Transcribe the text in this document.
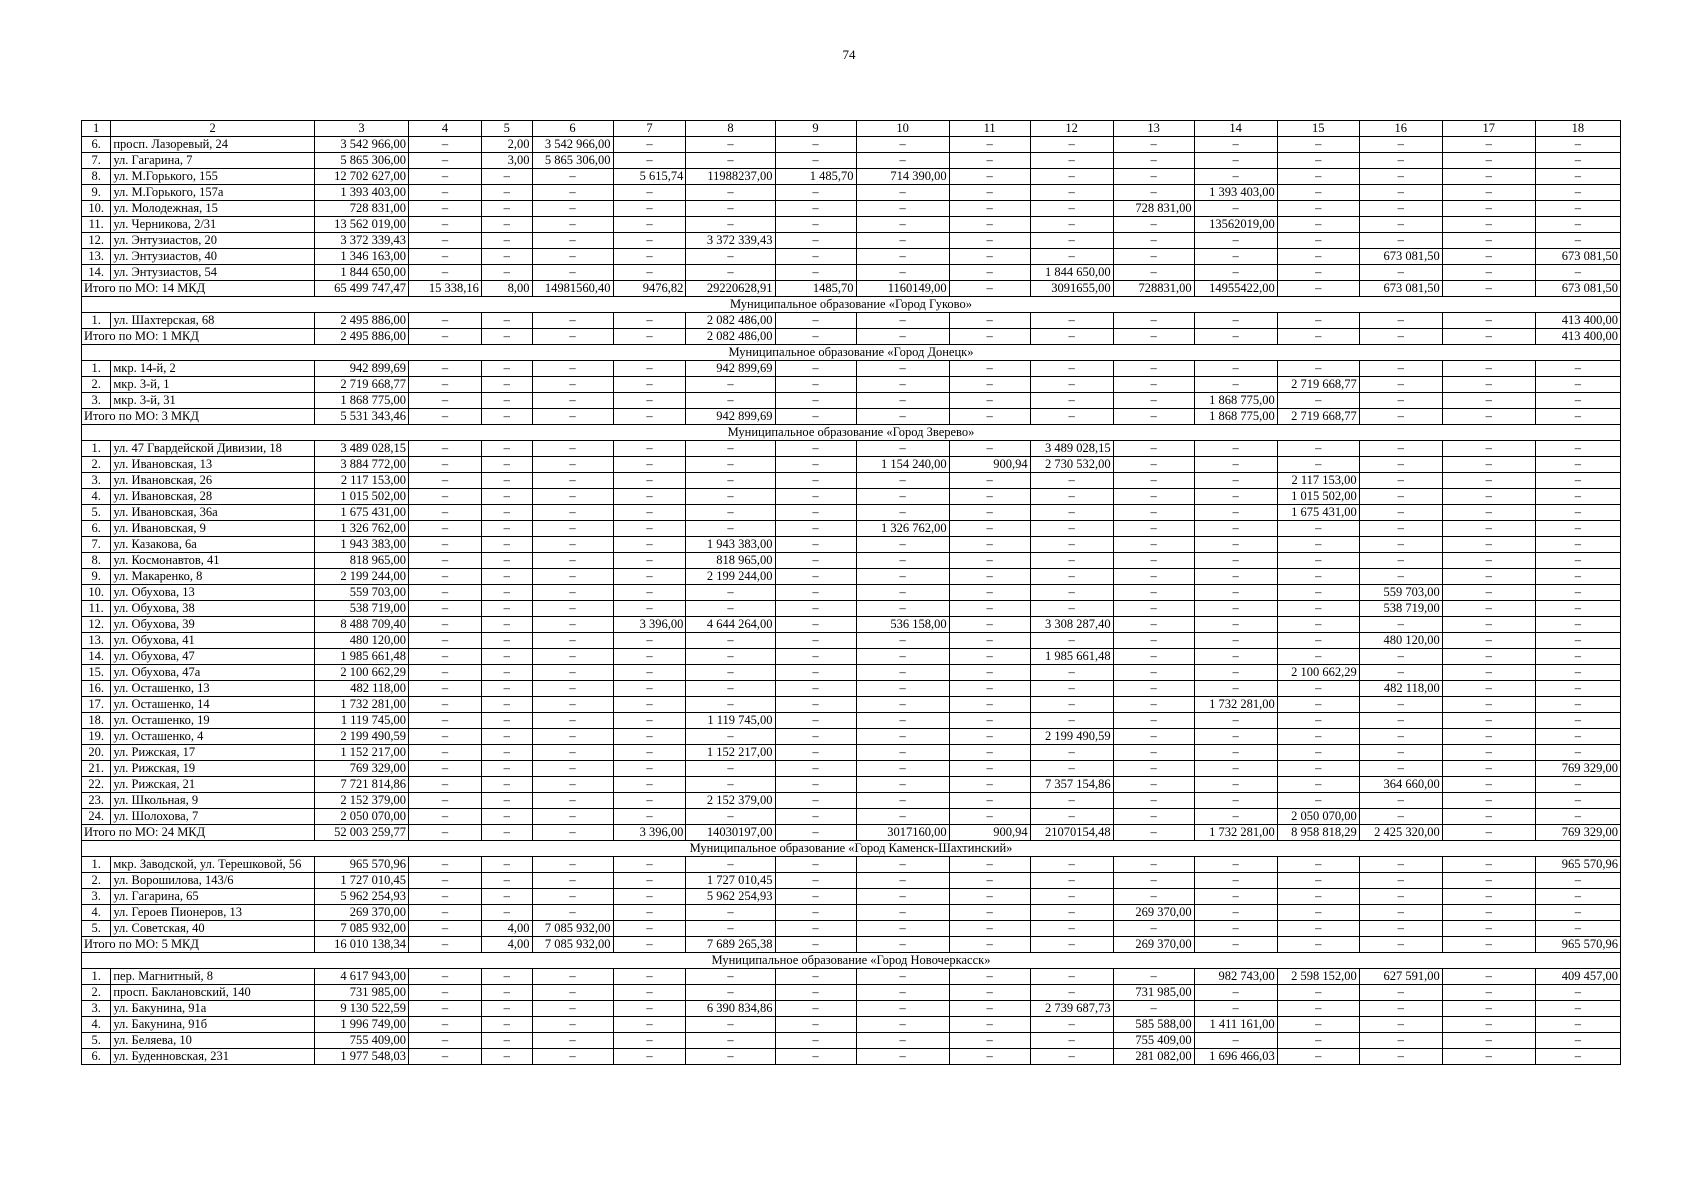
74
1	2	3	4	5	6	7	8	9	10	11	12	13	14	15	16	17	18
6.	просп. Лазоревый, 24	3 542 966,00	–	2,00	3 542 966,00	–	–	–	–	–	–	–	–	–	–	–	–
7.	ул. Гагарина, 7	5 865 306,00	–	3,00	5 865 306,00	–	–	–	–	–	–	–	–	–	–	–	–
8.	ул. М.Горького, 155	12 702 627,00	–	–	–	5 615,74	11988237,00	1 485,70	714 390,00	–	–	–	–	–	–	–	–
9.	ул. М.Горького, 157а	1 393 403,00	–	–	–	–	–	–	–	–	–	–	1 393 403,00	–	–	–	–
10.	ул. Молодежная, 15	728 831,00	–	–	–	–	–	–	–	–	–	728 831,00	–	–	–	–	–
11.	ул. Черникова, 2/31	13 562 019,00	–	–	–	–	–	–	–	–	–	–	13562019,00	–	–	–	–
12.	ул. Энтузиастов, 20	3 372 339,43	–	–	–	–	3 372 339,43	–	–	–	–	–	–	–	–	–	–
13.	ул. Энтузиастов, 40	1 346 163,00	–	–	–	–	–	–	–	–	–	–	–	–	673 081,50	–	673 081,50
14.	ул. Энтузиастов, 54	1 844 650,00	–	–	–	–	–	–	–	–	1 844 650,00	–	–	–	–	–	–
Итого по МО: 14 МКД		65 499 747,47	15 338,16	8,00	14981560,40	9476,82	29220628,91	1485,70	1160149,00	–	3091655,00	728831,00	14955422,00	–	673 081,50	–	673 081,50
Муниципальное образование «Город Гуково»																	
1.	ул. Шахтерская, 68	2 495 886,00	–	–	–	–	2 082 486,00	–	–	–	–	–	–	–	–	–	413 400,00
Итого по МО: 1 МКД		2 495 886,00	–	–	–	–	2 082 486,00	–	–	–	–	–	–	–	–	–	413 400,00
Муниципальное образование «Город Донецк»																	
1.	мкр. 14-й, 2	942 899,69	–	–	–	–	942 899,69	–	–	–	–	–	–	–	–	–	–
2.	мкр. 3-й, 1	2 719 668,77	–	–	–	–	–	–	–	–	–	–	–	2 719 668,77	–	–	–
3.	мкр. 3-й, 31	1 868 775,00	–	–	–	–	–	–	–	–	–	–	1 868 775,00	–	–	–	–
Итого по МО: 3 МКД		5 531 343,46	–	–	–	–	942 899,69	–	–	–	–	–	1 868 775,00	2 719 668,77	–	–	–
Муниципальное образование «Город Зверево»																	
1.	ул. 47 Гвардейской Дивизии, 18	3 489 028,15	–	–	–	–	–	–	–	–	3 489 028,15	–	–	–	–	–	–
2.	ул. Ивановская, 13	3 884 772,00	–	–	–	–	–	–	1 154 240,00	900,94	2 730 532,00	–	–	–	–	–	–
3.	ул. Ивановская, 26	2 117 153,00	–	–	–	–	–	–	–	–	–	–	–	2 117 153,00	–	–	–
4.	ул. Ивановская, 28	1 015 502,00	–	–	–	–	–	–	–	–	–	–	–	1 015 502,00	–	–	–
5.	ул. Ивановская, 36а	1 675 431,00	–	–	–	–	–	–	–	–	–	–	–	1 675 431,00	–	–	–
6.	ул. Ивановская, 9	1 326 762,00	–	–	–	–	–	–	1 326 762,00	–	–	–	–	–	–	–	–
7.	ул. Казакова, 6а	1 943 383,00	–	–	–	–	1 943 383,00	–	–	–	–	–	–	–	–	–	–
8.	ул. Космонавтов, 41	818 965,00	–	–	–	–	818 965,00	–	–	–	–	–	–	–	–	–	–
9.	ул. Макаренко, 8	2 199 244,00	–	–	–	–	2 199 244,00	–	–	–	–	–	–	–	–	–	–
10.	ул. Обухова, 13	559 703,00	–	–	–	–	–	–	–	–	–	–	–	–	559 703,00	–	–
11.	ул. Обухова, 38	538 719,00	–	–	–	–	–	–	–	–	–	–	–	–	538 719,00	–	–
12.	ул. Обухова, 39	8 488 709,40	–	–	–	3 396,00	4 644 264,00	–	536 158,00	–	3 308 287,40	–	–	–	–	–	–
13.	ул. Обухова, 41	480 120,00	–	–	–	–	–	–	–	–	–	–	–	–	480 120,00	–	–
14.	ул. Обухова, 47	1 985 661,48	–	–	–	–	–	–	–	–	1 985 661,48	–	–	–	–	–	–
15.	ул. Обухова, 47а	2 100 662,29	–	–	–	–	–	–	–	–	–	–	–	2 100 662,29	–	–	–
16.	ул. Осташенко, 13	482 118,00	–	–	–	–	–	–	–	–	–	–	–	–	482 118,00	–	–
17.	ул. Осташенко, 14	1 732 281,00	–	–	–	–	–	–	–	–	–	–	1 732 281,00	–	–	–	–
18.	ул. Осташенко, 19	1 119 745,00	–	–	–	–	1 119 745,00	–	–	–	–	–	–	–	–	–	–
19.	ул. Осташенко, 4	2 199 490,59	–	–	–	–	–	–	–	–	2 199 490,59	–	–	–	–	–	–
20.	ул. Рижская, 17	1 152 217,00	–	–	–	–	1 152 217,00	–	–	–	–	–	–	–	–	–	–
21.	ул. Рижская, 19	769 329,00	–	–	–	–	–	–	–	–	–	–	–	–	–	–	769 329,00
22.	ул. Рижская, 21	7 721 814,86	–	–	–	–	–	–	–	–	7 357 154,86	–	–	–	364 660,00	–	–
23.	ул. Школьная, 9	2 152 379,00	–	–	–	–	2 152 379,00	–	–	–	–	–	–	–	–	–	–
24.	ул. Шолохова, 7	2 050 070,00	–	–	–	–	–	–	–	–	–	–	–	2 050 070,00	–	–	–
Итого по МО: 24 МКД		52 003 259,77	–	–	–	3 396,00	14030197,00	–	3017160,00	900,94	21070154,48	–	1 732 281,00	8 958 818,29	2 425 320,00	–	769 329,00
Муниципальное образование «Город Каменск-Шахтинский»																	
1.	мкр. Заводской, ул. Терешковой, 56	965 570,96	–	–	–	–	–	–	–	–	–	–	–	–	–	–	965 570,96
2.	ул. Ворошилова, 143/6	1 727 010,45	–	–	–	–	1 727 010,45	–	–	–	–	–	–	–	–	–	–
3.	ул. Гагарина, 65	5 962 254,93	–	–	–	–	5 962 254,93	–	–	–	–	–	–	–	–	–	–
4.	ул. Героев Пионеров, 13	269 370,00	–	–	–	–	–	–	–	–	–	269 370,00	–	–	–	–	–
5.	ул. Советская, 40	7 085 932,00	–	4,00	7 085 932,00	–	–	–	–	–	–	–	–	–	–	–	–
Итого по МО: 5 МКД		16 010 138,34	–	4,00	7 085 932,00	–	7 689 265,38	–	–	–	–	269 370,00	–	–	–	–	965 570,96
Муниципальное образование «Город Новочеркасск»																	
1.	пер. Магнитный, 8	4 617 943,00	–	–	–	–	–	–	–	–	–	–	982 743,00	2 598 152,00	627 591,00	–	409 457,00
2.	просп. Баклановский, 140	731 985,00	–	–	–	–	–	–	–	–	–	731 985,00	–	–	–	–	–
3.	ул. Бакунина, 91а	9 130 522,59	–	–	–	–	6 390 834,86	–	–	–	2 739 687,73	–	–	–	–	–	–
4.	ул. Бакунина, 91б	1 996 749,00	–	–	–	–	–	–	–	–	–	585 588,00	1 411 161,00	–	–	–	–
5.	ул. Беляева, 10	755 409,00	–	–	–	–	–	–	–	–	–	755 409,00	–	–	–	–	–
6.	ул. Буденновская, 231	1 977 548,03	–	–	–	–	–	–	–	–	–	281 082,00	1 696 466,03	–	–	–	–
